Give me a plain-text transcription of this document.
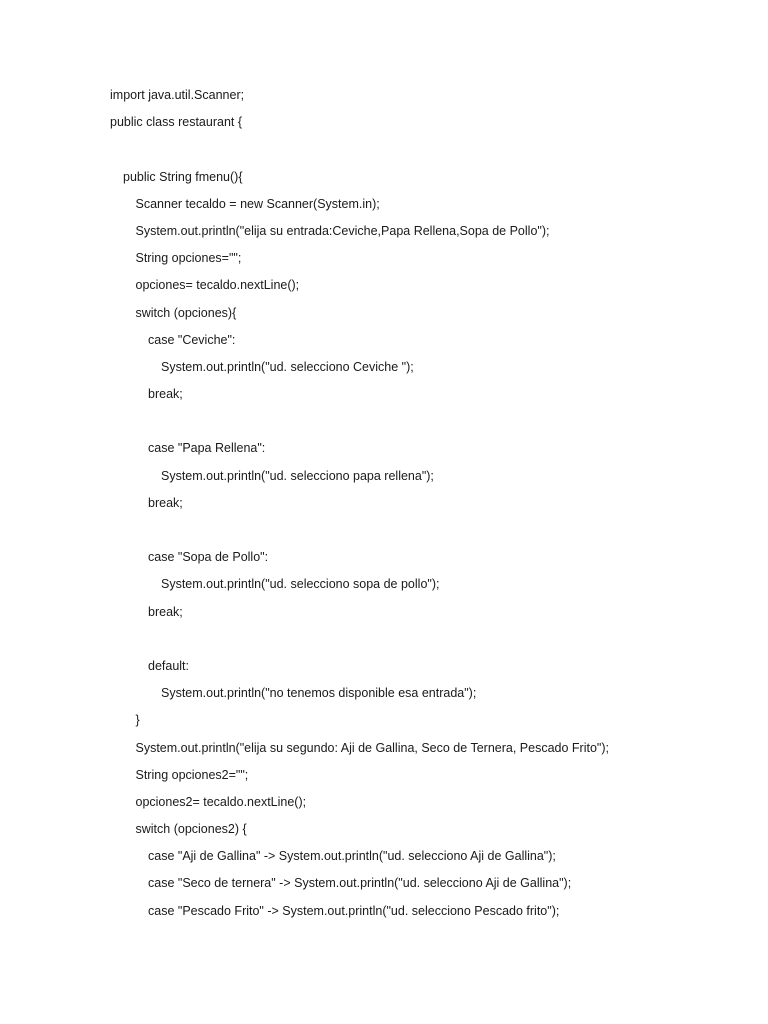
import java.util.Scanner;
public class restaurant {
public String fmenu(){
Scanner tecaldo = new Scanner(System.in);
System.out.println("elija su entrada:Ceviche,Papa Rellena,Sopa de Pollo");
String opciones="";
opciones= tecaldo.nextLine();
switch (opciones){
case "Ceviche":
System.out.println("ud. selecciono Ceviche ");
break;
case "Papa Rellena":
System.out.println("ud. selecciono papa rellena");
break;
case "Sopa de Pollo":
System.out.println("ud. selecciono sopa de pollo");
break;
default:
System.out.println("no tenemos disponible esa entrada");
}
System.out.println("elija su segundo: Aji de Gallina, Seco de Ternera, Pescado Frito");
String opciones2="";
opciones2= tecaldo.nextLine();
switch (opciones2) {
case "Aji de Gallina" -> System.out.println("ud. selecciono Aji de Gallina");
case "Seco de ternera" -> System.out.println("ud. selecciono Aji de Gallina");
case "Pescado Frito" -> System.out.println("ud. selecciono Pescado frito");
